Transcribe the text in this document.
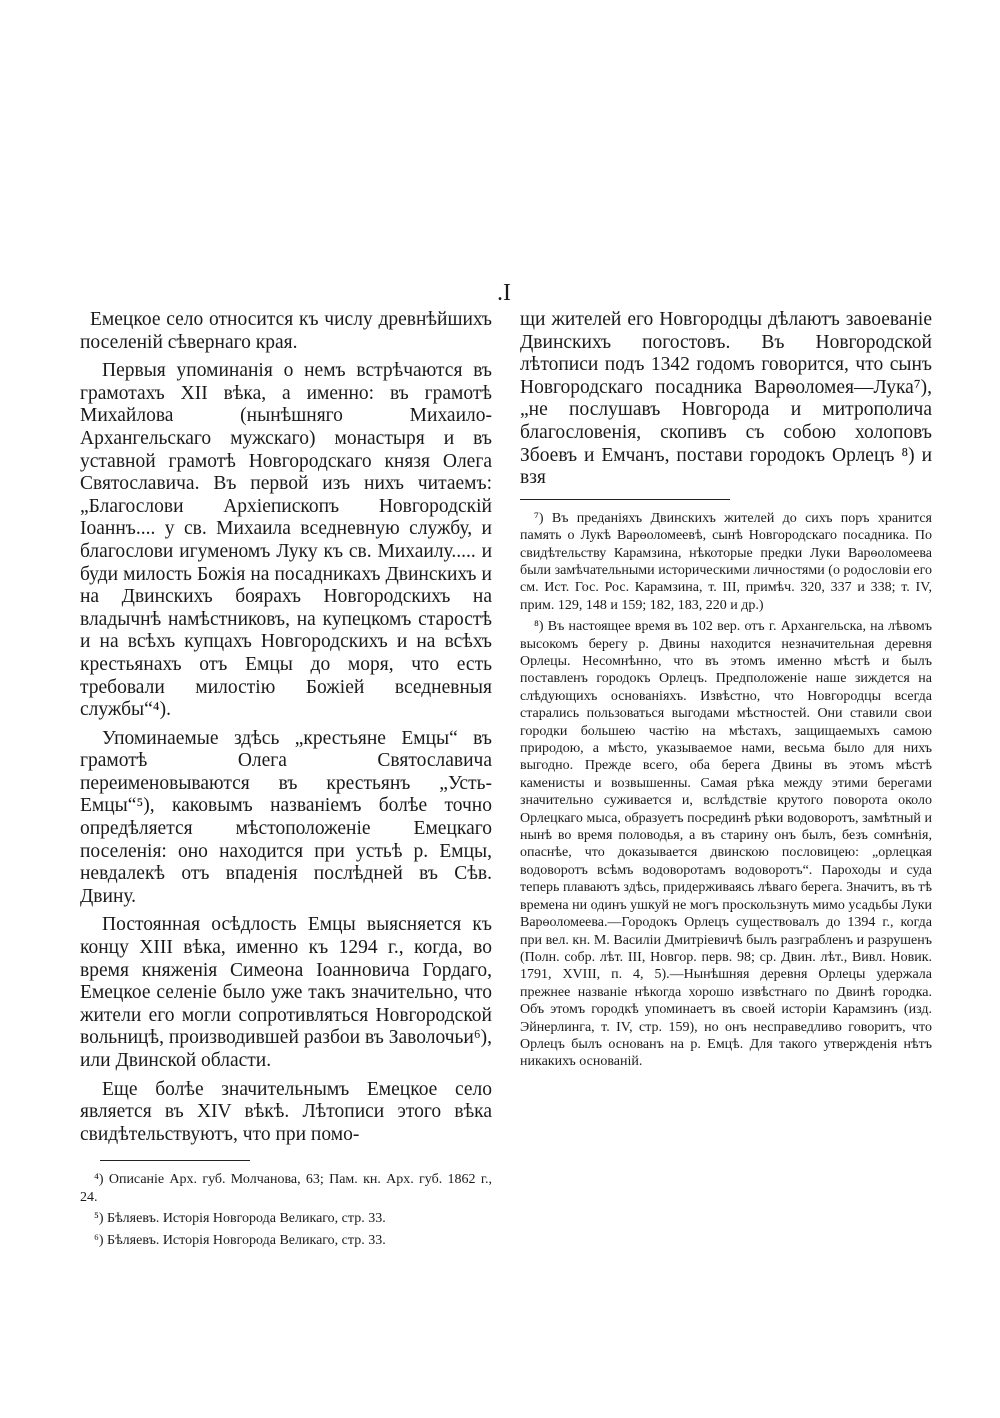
.I

Емецкое село относится къ числу древнѣйшихъ поселеній сѣвернаго края.

Первыя упоминанія о немъ встрѣчаются въ грамотахъ XII вѣка, а именно: въ грамотѣ Михайлова (нынѣшняго Михаило-Архангельскаго мужскаго) монастыря и въ уставной грамотѣ Новгородскаго князя Олега Святославича. Въ первой изъ нихъ читаемъ: „Благослови Архіепископъ Новгородскій Іоаннъ.... у св. Михаила вседневную службу, и благослови игуменомъ Луку къ св. Михаилу..... и буди милость Божія на посадникахъ Двинскихъ и на Двинскихъ боярахъ Новгородскихъ на владычнѣ намѣстниковъ, на купецкомъ старостѣ и на всѣхъ купцахъ Новгородскихъ и на всѣхъ крестьянахъ отъ Емцы до моря, что есть требовали милостію Божіей вседневныя службы“⁴).

Упоминаемые здѣсь „крестьяне Емцы“ въ грамотѣ Олега Святославича переименовываются въ крестьянъ „Усть-Емцы“⁵), каковымъ названіемъ болѣе точно опредѣляется мѣстоположеніе Емецкаго поселенія: оно находится при устьѣ р. Емцы, невдалекѣ отъ впаденія послѣдней въ Сѣв. Двину.

Постоянная осѣдлость Емцы выясняется къ концу XIII вѣка, именно къ 1294 г., когда, во время княженія Симеона Іоанновича Гордаго, Емецкое селеніе было уже такъ значительно, что жители его могли сопротивляться Новгородской вольницѣ, производившей разбои въ Заволочьи⁶), или Двинской области.

Еще болѣе значительнымъ Емецкое село является въ XIV вѣкѣ. Лѣтописи этого вѣка свидѣтельствуютъ, что при помо-

⁴) Описаніе Арх. губ. Молчанова, 63; Пам. кн. Арх. губ. 1862 г., 24.

⁵) Бѣляевъ. Исторія Новгорода Великаго, стр. 33.

⁶) Бѣляевъ. Исторія Новгорода Великаго, стр. 33.

щи жителей его Новгородцы дѣлаютъ завоеваніе Двинскихъ погостовъ. Въ Новгородской лѣтописи подъ 1342 годомъ говорится, что сынъ Новгородскаго посадника Варѳоломея—Лука⁷), „не послушавъ Новгорода и митрополича благословенія, скопивъ съ собою холоповъ Збоевъ и Емчанъ, постави городокъ Орлецъ ⁸) и взя

⁷) Въ преданіяхъ Двинскихъ жителей до сихъ поръ хранится память о Лукѣ Варѳоломеевѣ, сынѣ Новгородскаго посадника. По свидѣтельству Карамзина, нѣкоторые предки Луки Варѳоломеева были замѣчательными историческими личностями (о родословіи его см. Ист. Гос. Рос. Карамзина, т. III, примѣч. 320, 337 и 338; т. IV, прим. 129, 148 и 159; 182, 183, 220 и др.)

⁸) Въ настоящее время въ 102 вер. отъ г. Архангельска, на лѣвомъ высокомъ берегу р. Двины находится незначительная деревня Орлецы. Несомнѣнно, что въ этомъ именно мѣстѣ и былъ поставленъ городокъ Орлецъ. Предположеніе наше зиждется на слѣдующихъ основаніяхъ. Извѣстно, что Новгородцы всегда старались пользоваться выгодами мѣстностей. Они ставили свои городки большею частію на мѣстахъ, защищаемыхъ самою природою, а мѣсто, указываемое нами, весьма было для нихъ выгодно. Прежде всего, оба берега Двины въ этомъ мѣстѣ каменисты и возвышенны. Самая рѣка между этими берегами значительно суживается и, вслѣдствіе крутого поворота около Орлецкаго мыса, образуетъ посрединѣ рѣки водоворотъ, замѣтный и нынѣ во время половодья, а въ старину онъ былъ, безъ сомнѣнія, опаснѣе, что доказывается двинскою пословицею: „орлецкая водоворотъ всѣмъ водоворотамъ водоворотъ“. Пароходы и суда теперь плаваютъ здѣсь, придерживаясь лѣваго берега. Значитъ, въ тѣ времена ни одинъ ушкуй не могъ проскользнуть мимо усадьбы Луки Варѳоломеева.—Городокъ Орлецъ существовалъ до 1394 г., когда при вел. кн. М. Василіи Дмитріевичѣ былъ разграбленъ и разрушенъ (Полн. собр. лѣт. III, Новгор. перв. 98; ср. Двин. лѣт., Вивл. Новик. 1791, XVIII, п. 4, 5).—Нынѣшняя деревня Орлецы удержала прежнее названіе нѣкогда хорошо извѣстнаго по Двинѣ городка. Объ этомъ городкѣ упоминаетъ въ своей исторіи Карамзинъ (изд. Эйнерлинга, т. IV, стр. 159), но онъ несправедливо говоритъ, что Орлецъ былъ основанъ на р. Емцѣ. Для такого утвержденія нѣтъ никакихъ основаній.
